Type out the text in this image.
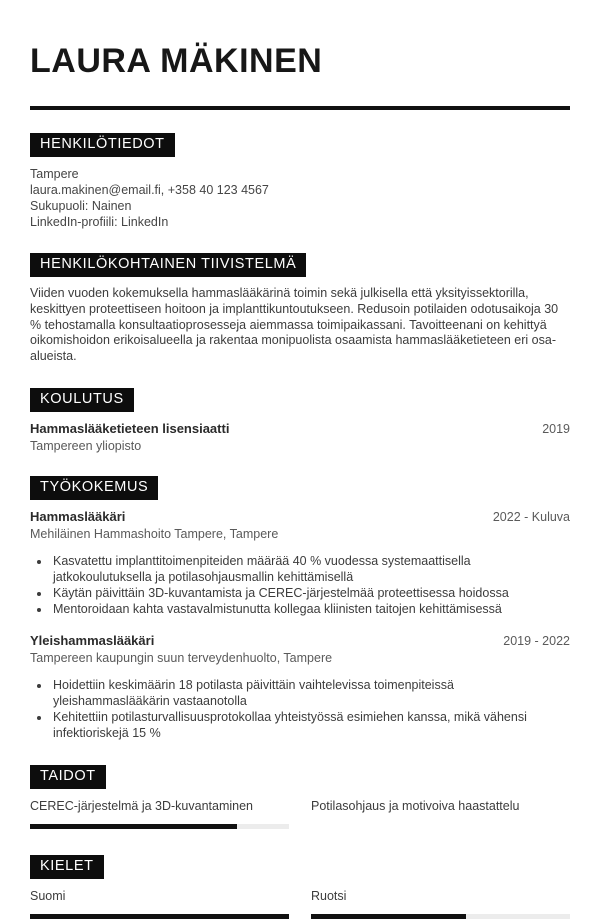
LAURA MÄKINEN
HENKILÖTIEDOT
Tampere
laura.makinen@email.fi, +358 40 123 4567
Sukupuoli: Nainen
LinkedIn-profiili: LinkedIn
HENKILÖKOHTAINEN TIIVISTELMÄ

Viiden vuoden kokemuksella hammaslääkärinä toimin sekä julkisella että yksityissektorilla, keskittyen proteettiseen hoitoon ja implanttikuntoutukseen. Redusoin potilaiden odotusaikoja 30 % tehostamalla konsultaatioprosesseja aiemmassa toimipaikassani. Tavoitteenani on kehittyä oikomishoidon erikoisalueella ja rakentaa monipuolista osaamista hammaslääketieteen eri osa-alueista.

KOULUTUS
Hammaslääketieteen lisensiaatti	2019
Tampereen yliopisto
TYÖKOKEMUS
Hammaslääkäri	2022 - Kuluva
Mehiläinen Hammashoito Tampere, Tampere
• Kasvatettu implanttitoimenpiteiden määrää 40 % vuodessa systemaattisella jatkokoulutuksella ja potilasohjausmallin kehittämisellä
• Käytän päivittäin 3D-kuvantamista ja CEREC-järjestelmää proteettisessa hoidossa
• Mentoroidaan kahta vastavalmistunutta kollegaa kliinisten taitojen kehittämisessä
Yleishammaslääkäri	2019 - 2022
Tampereen kaupungin suun terveydenhuolto, Tampere
• Hoidettiin keskimäärin 18 potilasta päivittäin vaihtelevissa toimenpiteissä yleishammaslääkärin vastaanotolla
• Kehitettiin potilasturvallisuusprotokollaa yhteistyössä esimiehen kanssa, mikä vähensi infektioriskejä 15 %
TAIDOT
CEREC-järjestelmä ja 3D-kuvantaminen	Potilasohjaus ja motivoiva haastattelu
KIELET
Suomi	Ruotsi
